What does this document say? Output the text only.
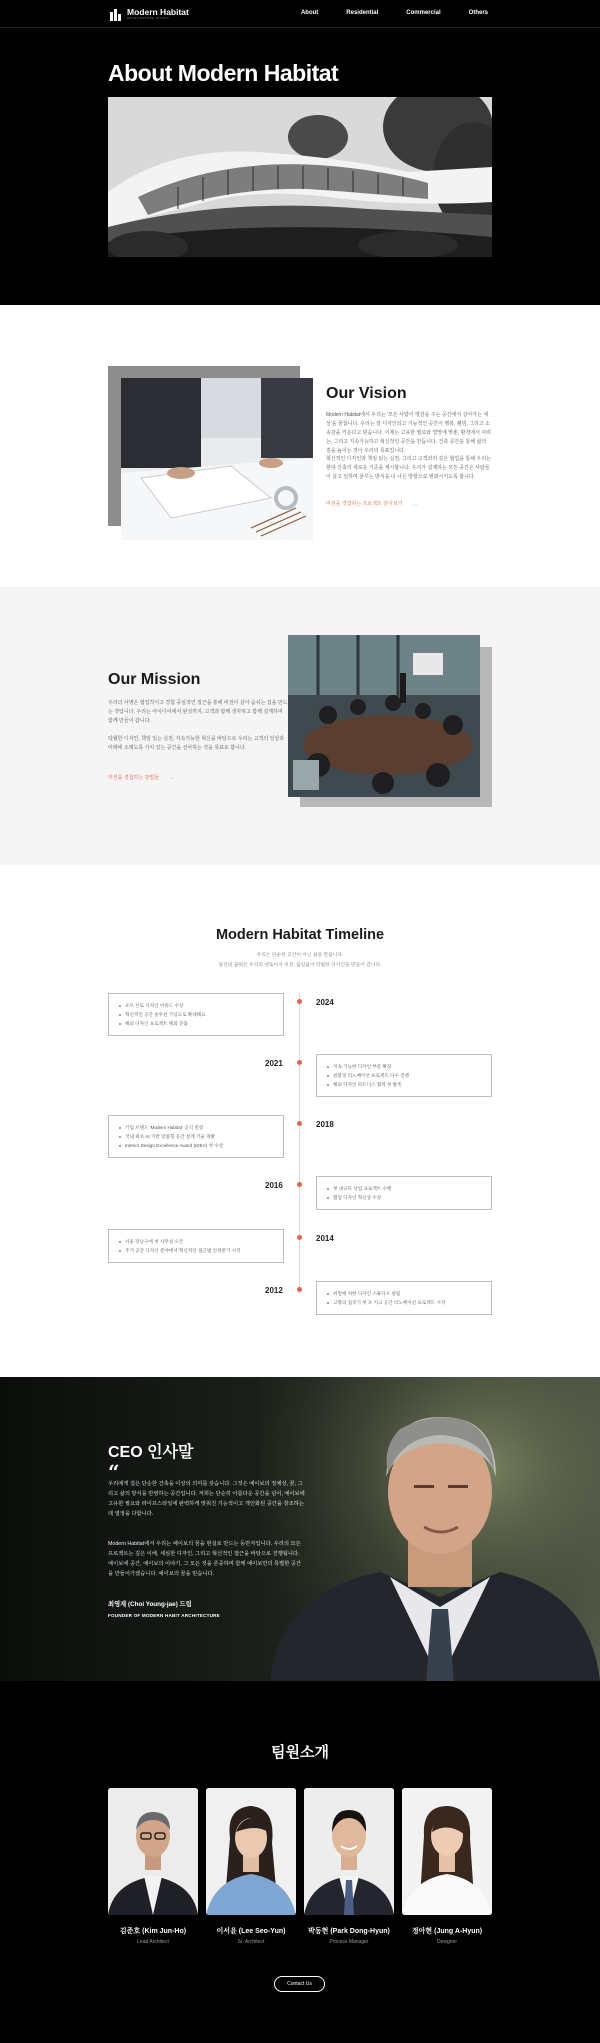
Modern Habitat
ARCHITECTURE STUDIO
About	Residential	Commercial	Others
About Modern Habitat
Our Vision

Modern Habitat에서 우리는 '모든 사람이 영감을 주는 공간에서 살아가는 세상'을 꿈꿉니다. 우리는 잘 디자인되고 기능적인 공간이 행복, 웰빙, 그리고 소속감을 키운다고 믿습니다. 이제는 고유한 필요와 열망에 맞춘, 환경에서 사려는, 그리고 지속가능하고 혁신적인 공간을 만듭니다. 건축 공간을 통해 삶의 질을 높이는 것이 우리의 목표입니다.

혁신적인 디자인과 책임 있는 실천, 그리고 고객과의 깊은 협업을 통해 우리는 현대 건축의 새로운 기준을 제시합니다. 우리가 설계하는 모든 공간은 사람들이 살고 일하며 꿈꾸는 방식을 더 나은 방향으로 변화시키도록 합니다.

미션을 경험하는 프로젝트 알아보기 →
Our Mission

우리의 사명은 협업적이고 경험 중심적인 접근을 통해 비전이 살아 숨쉬는 집을 만드는 것입니다. 우리는 아이디어에서 완성까지, 고객과 함께 생각하고 함께 설계하며 함께 만들어 갑니다.

탁월한 디자인, 책임 있는 실천, 지속가능한 혁신을 바탕으로 우리는 고객의 일상과 미래에 오래도록 가치 있는 공간을 선사하는 것을 목표로 합니다.

미션을 경험하는 방법들 →
Modern Habitat Timeline

우리는 단순한 공간이 아닌 삶을 만듭니다.

당신의 꿈꿔온 우리의 멘토이자 비전, 끊임없이 탁월한 디자인을 만들어 갑니다.

2024
포트 선토 디자인 어워드 수상
혁신적인 공간 솔루션 가입으로 확대해요
해외 디자인 프로젝트 해외 진출
2021	지속 가능한 디자인 부문 확장
친환경 리노베이션 프로젝트 다수 진행
해외 디자인 파트너스 협력 첫 발족
2018
기업 브랜드 'Modern Habitat' 공식 런칭
국내 최초 AI 기반 맞춤형 공간 설계 기술 개발
Interior Design Excellence Award (IDEA) 첫 수상
2016	첫 대규모 상업 프로젝트 수행
협업 디자인 혁신상 수상
2014
서울 강남구에 첫 사무실 오픈
주거 공간 디자인 분야에서 혁신적인 접근법 인정받기 시작
2012	위험에 처한 디자인 스튜디오 설립
고향의 집짓기 첫 포 지고 공간 리노베이션 프로젝트 시작
CEO 인사말
“

우리에게 집은 단순한 건축을 이상의 의미를 갖습니다. 그것은 예이보의 정체성, 꿈, 그리고 삶의 방식을 반영하는 공간입니다. 저희는 단순히 아름다운 공간을 넘어, 예이보에 고유한 필요와 라이프스타일에 완벽하게 맞춰진 기능적이고 개인화된 공간을 창조하는 데 열정을 다합니다.

Modern Habitat에서 우리는 예이보의 꿈을 현실로 만드는 동반자입니다. 우리의 모든 프로젝트는 깊은 이해, 세심한 디자인, 그리고 혁신적인 접근을 바탕으로 진행됩니다. 예이보에 공간, 예이보의 이야기, 그 모든 것을 존중하며 함께 예이보만의 특별한 공간을 만들어가겠습니다. 예이보의 꿈을 믿습니다.

최영재 (Choi Young-jae) 드림
FOUNDER OF MODERN HABIT ARCHITECTURE
팀원소개
김준호 (Kim Jun-Ho)
Lead Architect
이서윤 (Lee Seo-Yun)
Sr. Architect
박동현 (Park Dong-Hyun)
Process Manager
정아현 (Jung A-Hyun)
Designer
Contact Us
